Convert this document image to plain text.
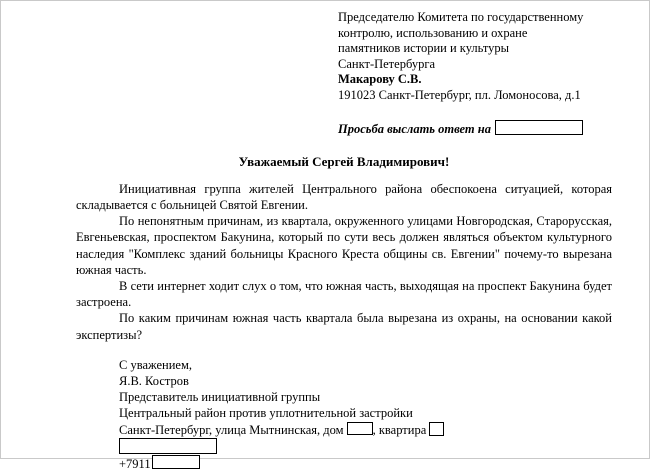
Председателю Комитета по государственному
контролю, использованию и охране
памятников истории и культуры
Санкт-Петербурга
Макарову С.В.
191023 Санкт-Петербург, пл. Ломоносова, д.1
Просьба выслать ответ на
Уважаемый Сергей Владимирович!

Инициативная группа жителей Центрального района обеспокоена ситуацией, которая складывается с больницей Святой Евгении.

По непонятным причинам, из квартала, окруженного улицами Новгородская, Старорусская, Евгеньевская, проспектом Бакунина, который по сути весь должен являться объектом культурного наследия "Комплекс зданий больницы Красного Креста общины св. Евгении" почему-то вырезана южная часть.

В сети интернет ходит слух о том, что южная часть, выходящая на проспект Бакунина будет застроена.

По каким причинам южная часть квартала была вырезана из охраны, на основании какой экспертизы?

С уважением,
Я.В. Костров
Представитель инициативной группы
Центральный район против уплотнительной застройки
Санкт-Петербург, улица Мытнинская, дом , квартира
+7911
